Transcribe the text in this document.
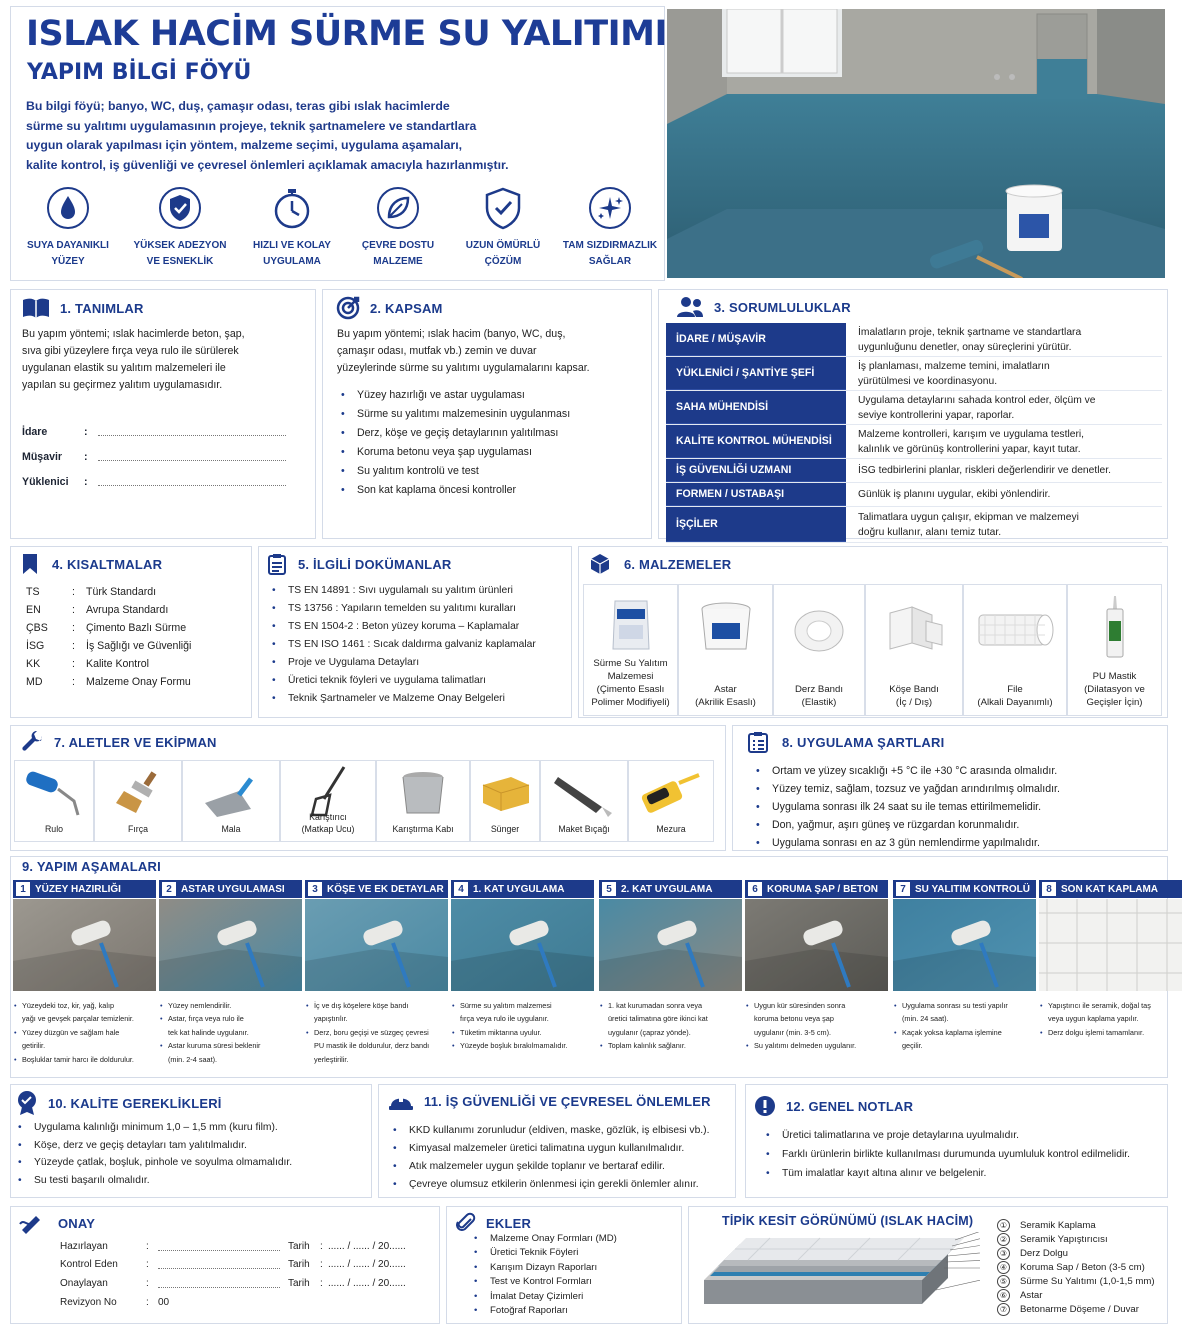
ISLAK HACİM SÜRME SU YALITIMI
YAPIM BİLGİ FÖYÜ
Bu bilgi föyü; banyo, WC, duş, çamaşır odası, teras gibi ıslak hacimlerde
sürme su yalıtımı uygulamasının projeye, teknik şartnamelere ve standartlara
uygun olarak yapılması için yöntem, malzeme seçimi, uygulama aşamaları,
kalite kontrol, iş güvenliği ve çevresel önlemleri açıklamak amacıyla hazırlanmıştır.
SUYA DAYANIKLI
YÜZEY
YÜKSEK ADEZYON
VE ESNEKLİK
HIZLI VE KOLAY
UYGULAMA
ÇEVRE DOSTU
MALZEME
UZUN ÖMÜRLÜ
ÇÖZÜM
TAM SIZDIRMAZLIK
SAĞLAR
1. TANIMLAR
Bu yapım yöntemi; ıslak hacimlerde beton, şap,
sıva gibi yüzeylere fırça veya rulo ile sürülerek
uygulanan elastik su yalıtım malzemeleri ile
yapılan su geçirmez yalıtım uygulamasıdır.
İdare	:
Müşavir	:
Yüklenici	:
2. KAPSAM
Bu yapım yöntemi; ıslak hacim (banyo, WC, duş,
çamaşır odası, mutfak vb.) zemin ve duvar
yüzeylerinde sürme su yalıtımı uygulamalarını kapsar.
• Yüzey hazırlığı ve astar uygulaması
• Sürme su yalıtımı malzemesinin uygulanması
• Derz, köşe ve geçiş detaylarının yalıtılması
• Koruma betonu veya şap uygulaması
• Su yalıtım kontrolü ve test
• Son kat kaplama öncesi kontroller
3. SORUMLULUKLAR
İDARE / MÜŞAVİR
İmalatların proje, teknik şartname ve standartlara
uygunluğunu denetler, onay süreçlerini yürütür.
YÜKLENİCİ / ŞANTİYE ŞEFİ
İş planlaması, malzeme temini, imalatların
yürütülmesi ve koordinasyonu.
SAHA MÜHENDİSİ
Uygulama detaylarını sahada kontrol eder, ölçüm ve
seviye kontrollerini yapar, raporlar.
KALİTE KONTROL MÜHENDİSİ
Malzeme kontrolleri, karışım ve uygulama testleri,
kalınlık ve görünüş kontrollerini yapar, kayıt tutar.
İŞ GÜVENLİĞİ UZMANI	İSG tedbirlerini planlar, riskleri değerlendirir ve denetler.
FORMEN / USTABAŞI	Günlük iş planını uygular, ekibi yönlendirir.
İŞÇİLER
Talimatlara uygun çalışır, ekipman ve malzemeyi
doğru kullanır, alanı temiz tutar.
4. KISALTMALAR
TS	:	Türk Standardı
EN	:	Avrupa Standardı
ÇBS	:	Çimento Bazlı Sürme
İSG	:	İş Sağlığı ve Güvenliği
KK	:	Kalite Kontrol
MD	:	Malzeme Onay Formu
5. İLGİLİ DOKÜMANLAR
• TS EN 14891 : Sıvı uygulamalı su yalıtım ürünleri
• TS 13756 : Yapıların temelden su yalıtımı kuralları
• TS EN 1504-2 : Beton yüzey koruma – Kaplamalar
• TS EN ISO 1461 : Sıcak daldırma galvaniz kaplamalar
• Proje ve Uygulama Detayları
• Üretici teknik föyleri ve uygulama talimatları
• Teknik Şartnameler ve Malzeme Onay Belgeleri
6. MALZEMELER
Sürme Su Yalıtım
Malzemesi
(Çimento Esaslı
Polimer Modifiyeli)
Astar
(Akrilik Esaslı)
Derz Bandı
(Elastik)
Köşe Bandı
(İç / Dış)
File
(Alkali Dayanımlı)
PU Mastik
(Dilatasyon ve
Geçişler İçin)
7. ALETLER VE EKİPMAN
Rulo	Fırça	Mala
Karıştırıcı
(Matkap Ucu)	Karıştırma Kabı	Sünger	Maket Bıçağı	Mezura
8. UYGULAMA ŞARTLARI
• Ortam ve yüzey sıcaklığı +5 °C ile +30 °C arasında olmalıdır.
• Yüzey temiz, sağlam, tozsuz ve yağdan arındırılmış olmalıdır.
• Uygulama sonrası ilk 24 saat su ile temas ettirilmemelidir.
• Don, yağmur, aşırı güneş ve rüzgardan korunmalıdır.
• Uygulama sonrası en az 3 gün nemlendirme yapılmalıdır.
9. YAPIM AŞAMALARI
1 YÜZEY HAZIRLIĞI
• Yüzeydeki toz, kir, yağ, kalıp
yağı ve gevşek parçalar temizlenir.
• Yüzey düzgün ve sağlam hale
getirilir.
• Boşluklar tamir harcı ile doldurulur.
2 ASTAR UYGULAMASI
• Yüzey nemlendirilir.
• Astar, fırça veya rulo ile
tek kat halinde uygulanır.
• Astar kuruma süresi beklenir
(min. 2-4 saat).
3 KÖŞE VE EK DETAYLAR
• İç ve dış köşelere köşe bandı
yapıştırılır.
• Derz, boru geçişi ve süzgeç çevresi
PU mastik ile doldurulur, derz bandı
yerleştirilir.
4 1. KAT UYGULAMA
• Sürme su yalıtım malzemesi
fırça veya rulo ile uygulanır.
• Tüketim miktarına uyulur.
• Yüzeyde boşluk bırakılmamalıdır.
5 2. KAT UYGULAMA
• 1. kat kurumadan sonra veya
üretici talimatına göre ikinci kat
uygulanır (çapraz yönde).
• Toplam kalınlık sağlanır.
6 KORUMA ŞAP / BETON
• Uygun kür süresinden sonra
koruma betonu veya şap
uygulanır (min. 3-5 cm).
• Su yalıtımı delmeden uygulanır.
7 SU YALITIM KONTROLÜ
• Uygulama sonrası su testi yapılır
(min. 24 saat).
• Kaçak yoksa kaplama işlemine
geçilir.
8 SON KAT KAPLAMA
• Yapıştırıcı ile seramik, doğal taş
veya uygun kaplama yapılır.
• Derz dolgu işlemi tamamlanır.
10. KALİTE GEREKLİKLERİ
• Uygulama kalınlığı minimum 1,0 – 1,5 mm (kuru film).
• Köşe, derz ve geçiş detayları tam yalıtılmalıdır.
• Yüzeyde çatlak, boşluk, pinhole ve soyulma olmamalıdır.
• Su testi başarılı olmalıdır.
11. İŞ GÜVENLİĞİ VE ÇEVRESEL ÖNLEMLER
• KKD kullanımı zorunludur (eldiven, maske, gözlük, iş elbisesi vb.).
• Kimyasal malzemeler üretici talimatına uygun kullanılmalıdır.
• Atık malzemeler uygun şekilde toplanır ve bertaraf edilir.
• Çevreye olumsuz etkilerin önlenmesi için gerekli önlemler alınır.
12. GENEL NOTLAR
• Üretici talimatlarına ve proje detaylarına uyulmalıdır.
• Farklı ürünlerin birlikte kullanılması durumunda uyumluluk kontrol edilmelidir.
• Tüm imalatlar kayıt altına alınır ve belgelenir.
ONAY
Hazırlayan	:	Tarih	: ...... / ...... / 20......
Kontrol Eden	:	Tarih	: ...... / ...... / 20......
Onaylayan	:	Tarih	: ...... / ...... / 20......
Revizyon No	: 00
EKLER
• Malzeme Onay Formları (MD)
• Üretici Teknik Föyleri
• Karışım Dizayn Raporları
• Test ve Kontrol Formları
• İmalat Detay Çizimleri
• Fotoğraf Raporları
TİPİK KESİT GÖRÜNÜMÜ (ISLAK HACİM)	①	Seramik Kaplama
②	Seramik Yapıştırıcısı
③	Derz Dolgu
④	Koruma Sap / Beton (3-5 cm)
⑤	Sürme Su Yalıtımı (1,0-1,5 mm)
⑥	Astar
⑦	Betonarme Döşeme / Duvar
